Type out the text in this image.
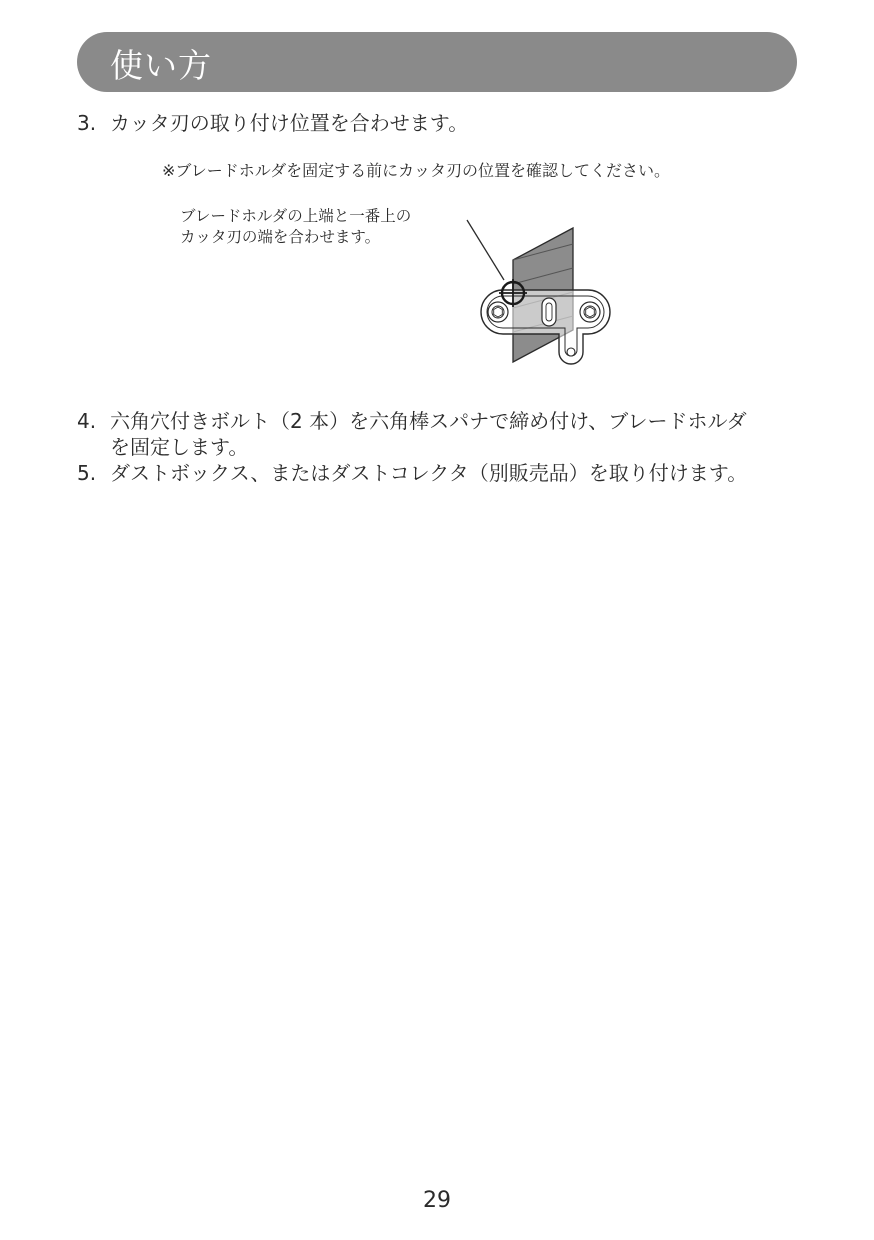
使い方
3. カッタ刃の取り付け位置を合わせます。
※ブレードホルダを固定する前にカッタ刃の位置を確認してください。
ブレードホルダの上端と一番上の
カッタ刃の端を合わせます。
4. 六角穴付きボルト（2 本）を六角棒スパナで締め付け、ブレードホルダ
を固定します。
5. ダストボックス、またはダストコレクタ（別販売品）を取り付けます。
29
